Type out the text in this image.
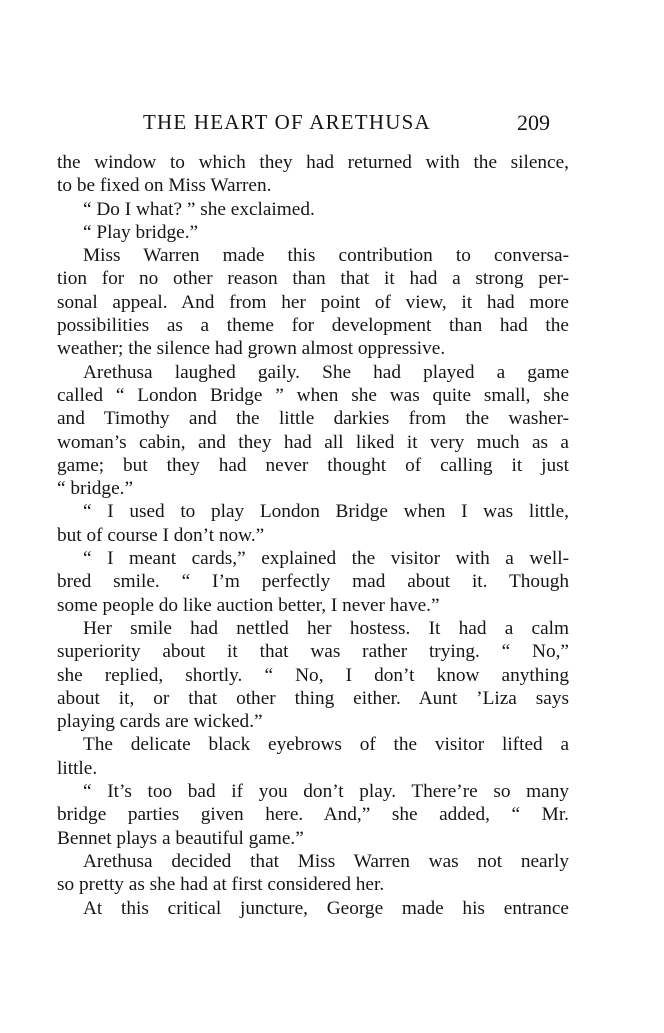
THE HEART OF ARETHUSA	209
the window to which they had returned with the silence,
to be fixed on Miss Warren.
“ Do I what? ” she exclaimed.
“ Play bridge.”
Miss Warren made this contribution to conversa-
tion for no other reason than that it had a strong per-
sonal appeal. And from her point of view, it had more
possibilities as a theme for development than had the
weather; the silence had grown almost oppressive.
Arethusa laughed gaily. She had played a game
called “ London Bridge ” when she was quite small, she
and Timothy and the little darkies from the washer-
woman’s cabin, and they had all liked it very much as a
game; but they had never thought of calling it just
“ bridge.”
“ I used to play London Bridge when I was little,
but of course I don’t now.”
“ I meant cards,” explained the visitor with a well-
bred smile. “ I’m perfectly mad about it. Though
some people do like auction better, I never have.”
Her smile had nettled her hostess. It had a calm
superiority about it that was rather trying. “ No,”
she replied, shortly. “ No, I don’t know anything
about it, or that other thing either. Aunt ’Liza says
playing cards are wicked.”
The delicate black eyebrows of the visitor lifted a
little.
“ It’s too bad if you don’t play. There’re so many
bridge parties given here. And,” she added, “ Mr.
Bennet plays a beautiful game.”
Arethusa decided that Miss Warren was not nearly
so pretty as she had at first considered her.
At this critical juncture, George made his entrance
